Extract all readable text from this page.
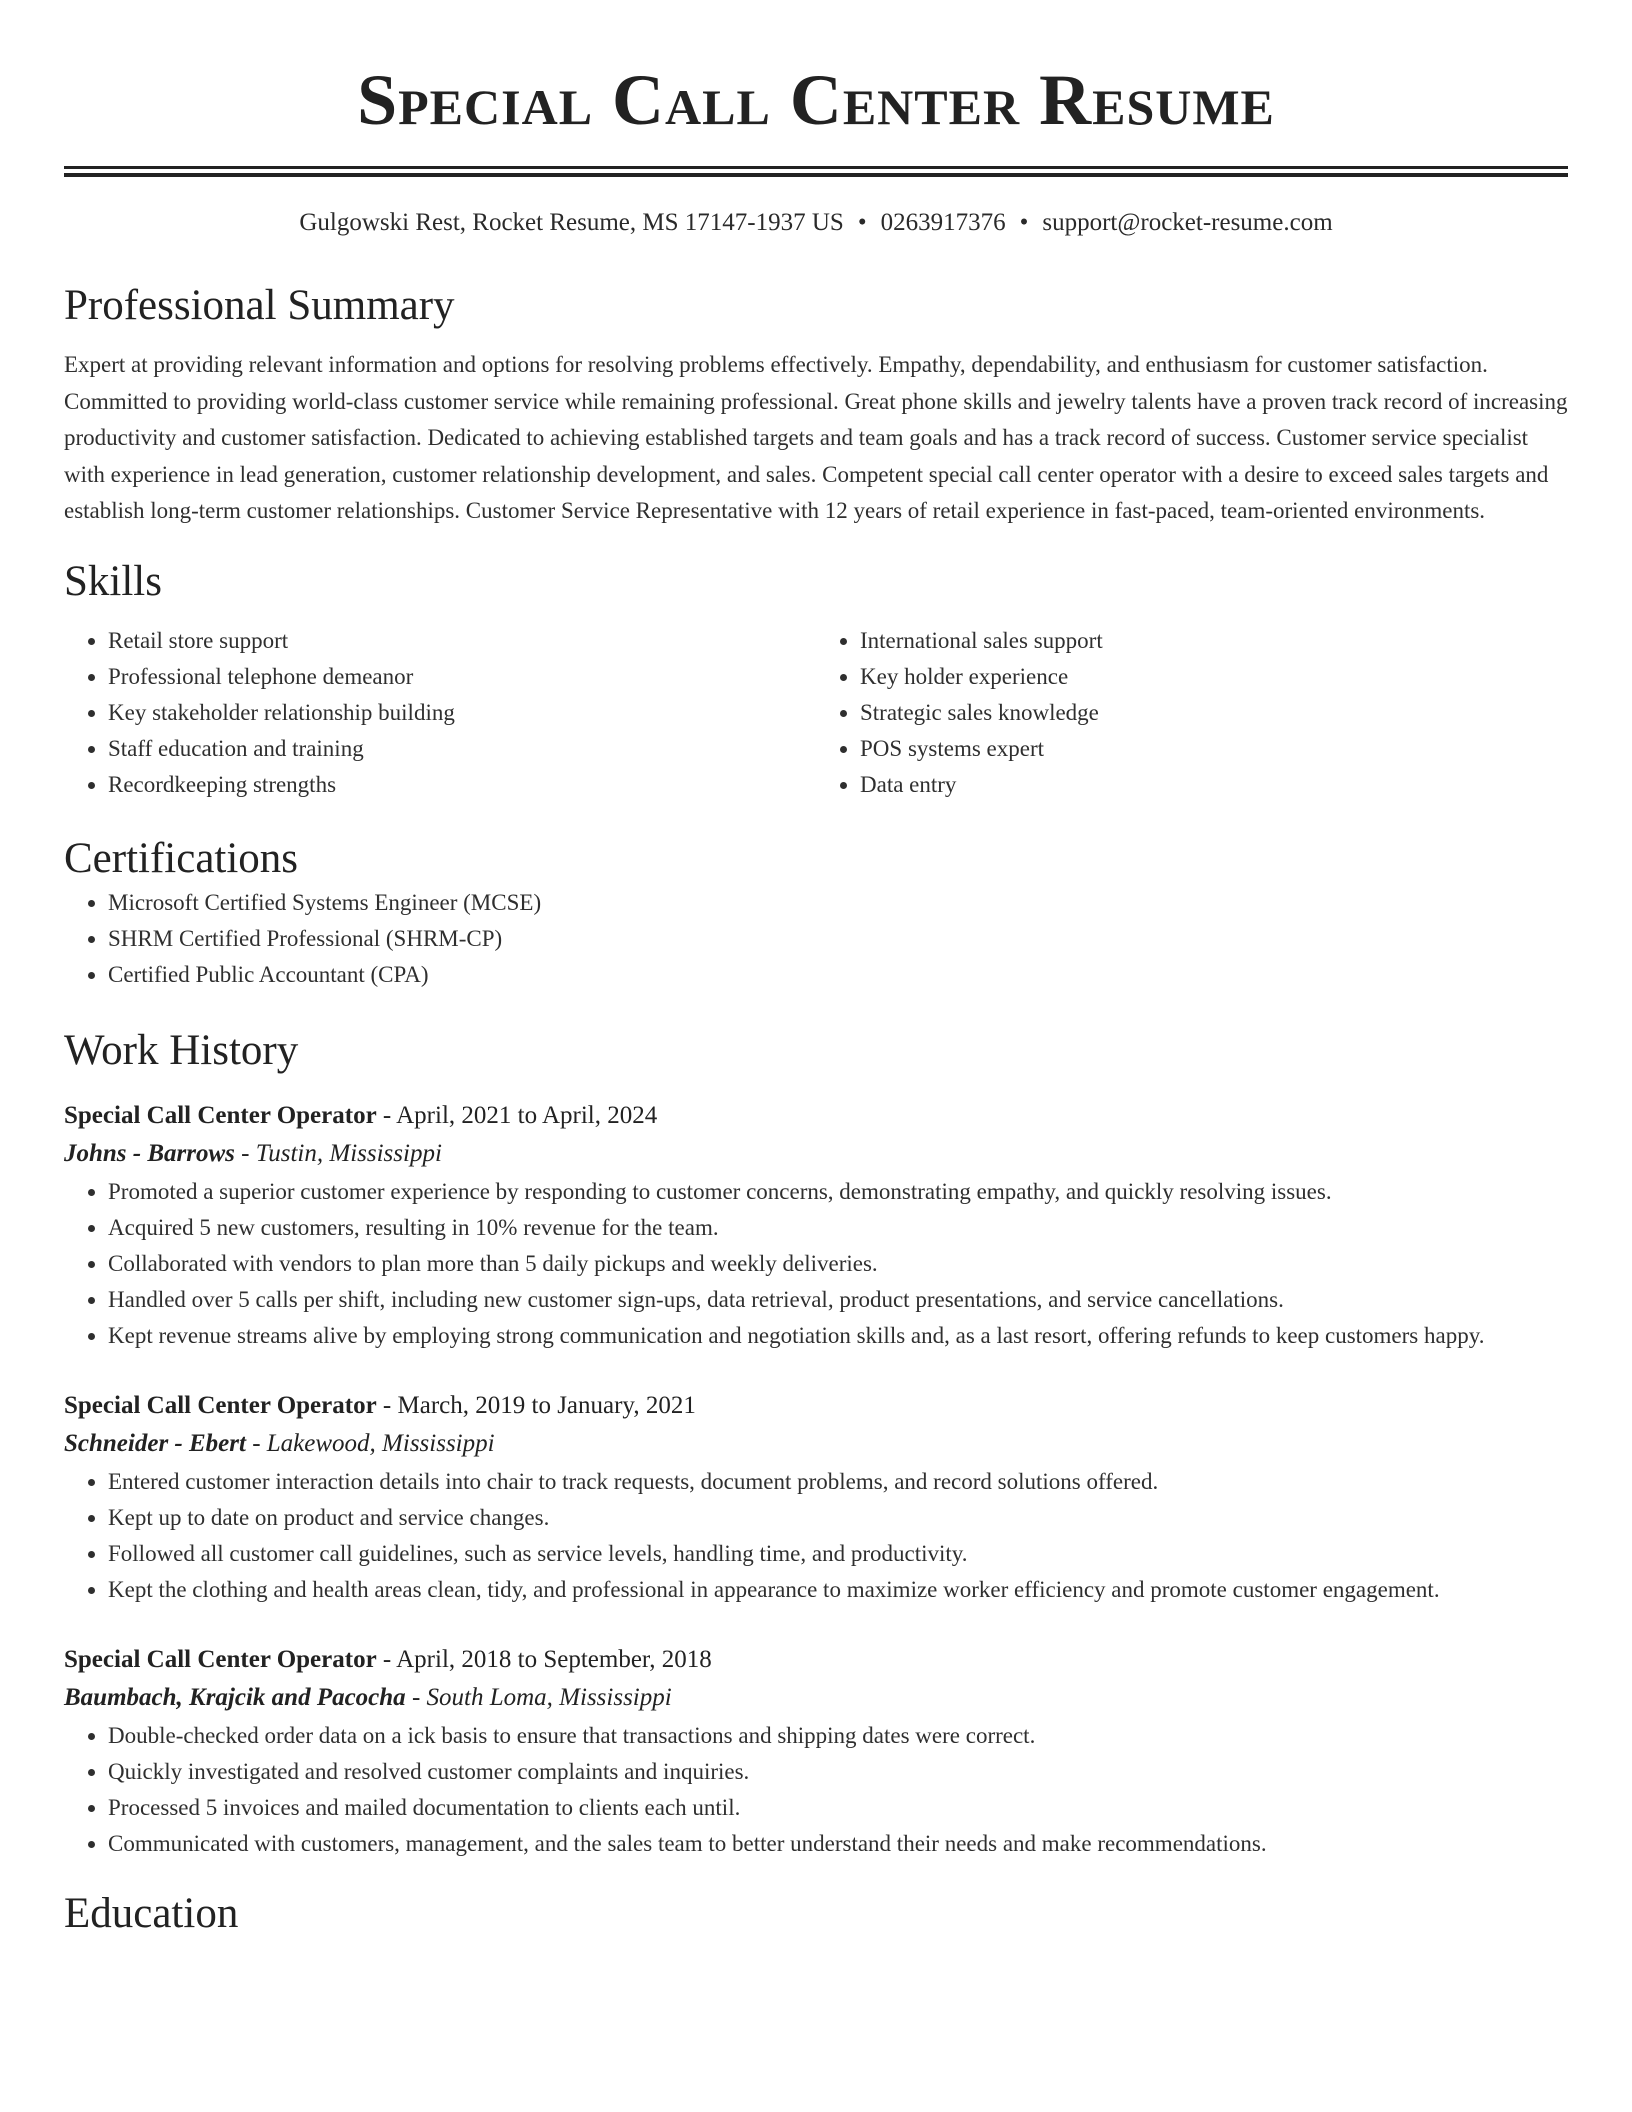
Special Call Center Resume
Gulgowski Rest, Rocket Resume, MS 17147-1937 US • 0263917376 • support@rocket-resume.com
Professional Summary

Expert at providing relevant information and options for resolving problems effectively. Empathy, dependability, and enthusiasm for customer satisfaction. Committed to providing world-class customer service while remaining professional. Great phone skills and jewelry talents have a proven track record of increasing productivity and customer satisfaction. Dedicated to achieving established targets and team goals and has a track record of success. Customer service specialist with experience in lead generation, customer relationship development, and sales. Competent special call center operator with a desire to exceed sales targets and establish long-term customer relationships. Customer Service Representative with 12 years of retail experience in fast-paced, team-oriented environments.

Skills
• Retail store support
• Professional telephone demeanor
• Key stakeholder relationship building
• Staff education and training
• Recordkeeping strengths
• International sales support
• Key holder experience
• Strategic sales knowledge
• POS systems expert
• Data entry
Certifications
• Microsoft Certified Systems Engineer (MCSE)
• SHRM Certified Professional (SHRM-CP)
• Certified Public Accountant (CPA)
Work History
Special Call Center Operator - April, 2021 to April, 2024
Johns - Barrows - Tustin, Mississippi
• Promoted a superior customer experience by responding to customer concerns, demonstrating empathy, and quickly resolving issues.
• Acquired 5 new customers, resulting in 10% revenue for the team.
• Collaborated with vendors to plan more than 5 daily pickups and weekly deliveries.
• Handled over 5 calls per shift, including new customer sign-ups, data retrieval, product presentations, and service cancellations.
• Kept revenue streams alive by employing strong communication and negotiation skills and, as a last resort, offering refunds to keep customers happy.
Special Call Center Operator - March, 2019 to January, 2021
Schneider - Ebert - Lakewood, Mississippi
• Entered customer interaction details into chair to track requests, document problems, and record solutions offered.
• Kept up to date on product and service changes.
• Followed all customer call guidelines, such as service levels, handling time, and productivity.
• Kept the clothing and health areas clean, tidy, and professional in appearance to maximize worker efficiency and promote customer engagement.
Special Call Center Operator - April, 2018 to September, 2018
Baumbach, Krajcik and Pacocha - South Loma, Mississippi
• Double-checked order data on a ick basis to ensure that transactions and shipping dates were correct.
• Quickly investigated and resolved customer complaints and inquiries.
• Processed 5 invoices and mailed documentation to clients each until.
• Communicated with customers, management, and the sales team to better understand their needs and make recommendations.
Education
